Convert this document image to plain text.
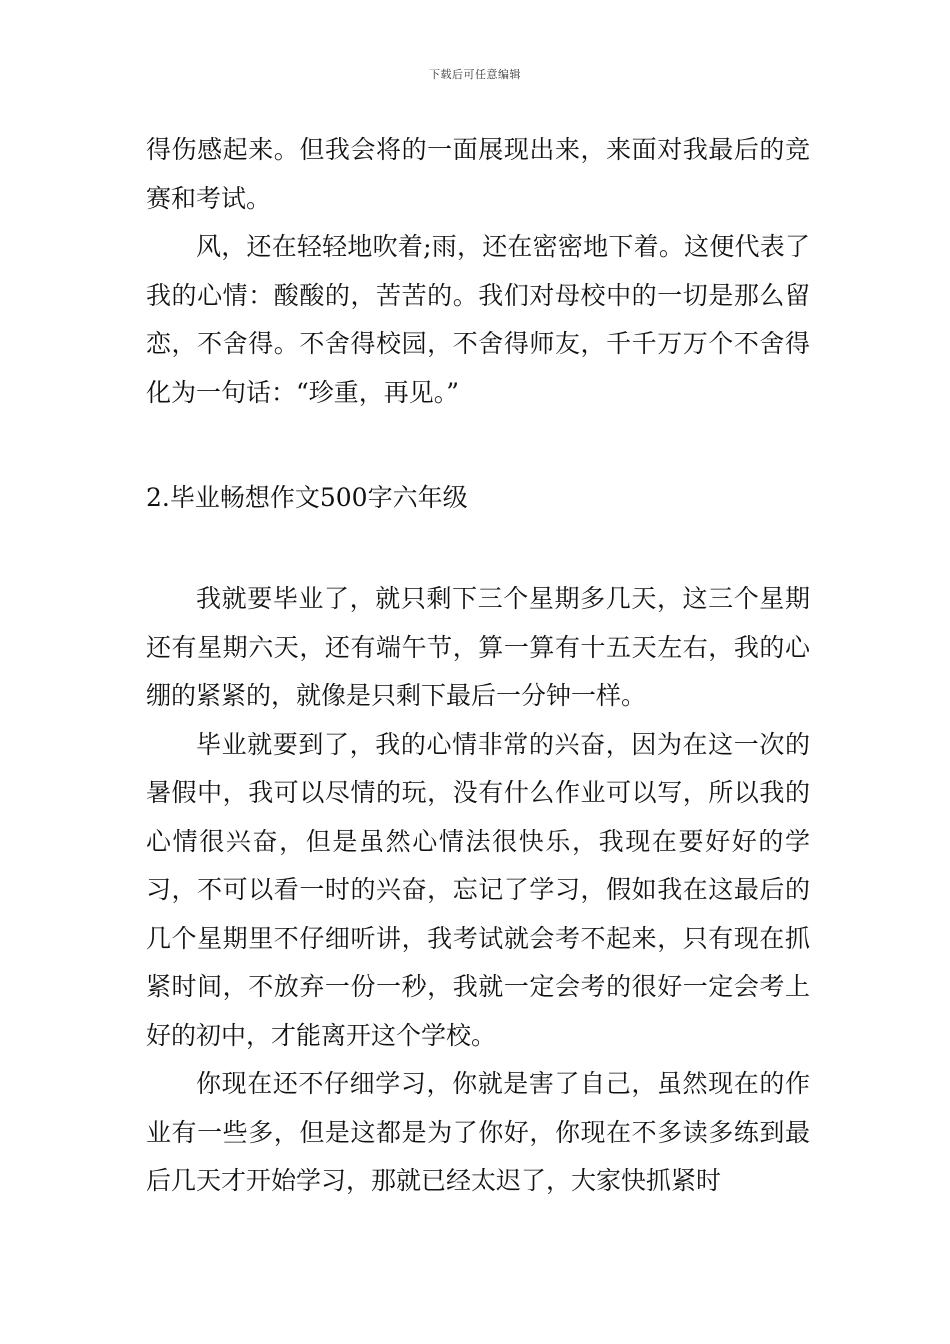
下载后可任意编辑

得伤感起来。但我会将的一面展现出来，来面对我最后的竞赛和考试。

风，还在轻轻地吹着;雨，还在密密地下着。这便代表了我的心情：酸酸的，苦苦的。我们对母校中的一切是那么留恋，不舍得。不舍得校园，不舍得师友，千千万万个不舍得化为一句话：“珍重，再见。”

2.毕业畅想作文500字六年级

我就要毕业了，就只剩下三个星期多几天，这三个星期还有星期六天，还有端午节，算一算有十五天左右，我的心绷的紧紧的，就像是只剩下最后一分钟一样。

毕业就要到了，我的心情非常的兴奋，因为在这一次的暑假中，我可以尽情的玩，没有什么作业可以写，所以我的心情很兴奋，但是虽然心情法很快乐，我现在要好好的学习，不可以看一时的兴奋，忘记了学习，假如我在这最后的几个星期里不仔细听讲，我考试就会考不起来，只有现在抓紧时间，不放弃一份一秒，我就一定会考的很好一定会考上好的初中，才能离开这个学校。

你现在还不仔细学习，你就是害了自己，虽然现在的作业有一些多，但是这都是为了你好，你现在不多读多练到最后几天才开始学习，那就已经太迟了，大家快抓紧时
